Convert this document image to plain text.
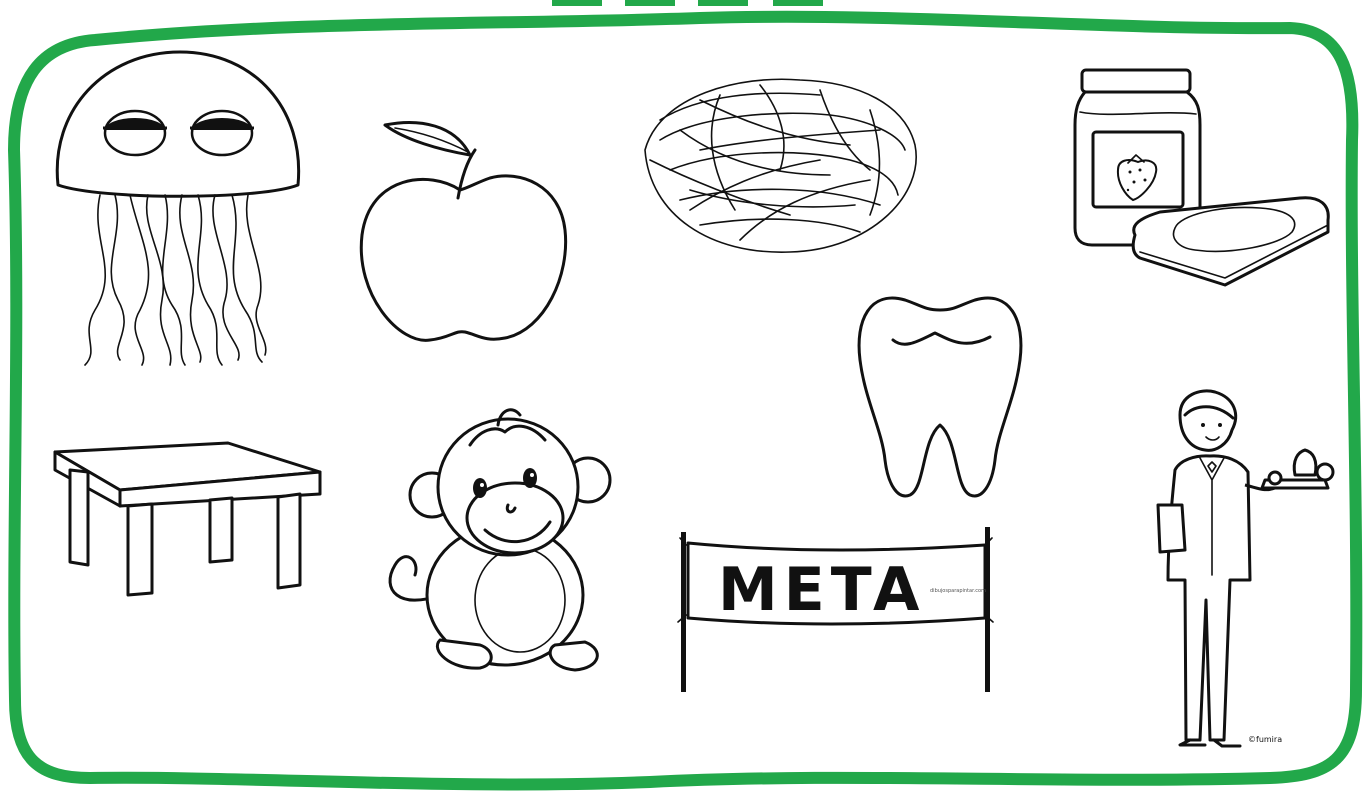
META dibujosparapintar.com
©fumira
